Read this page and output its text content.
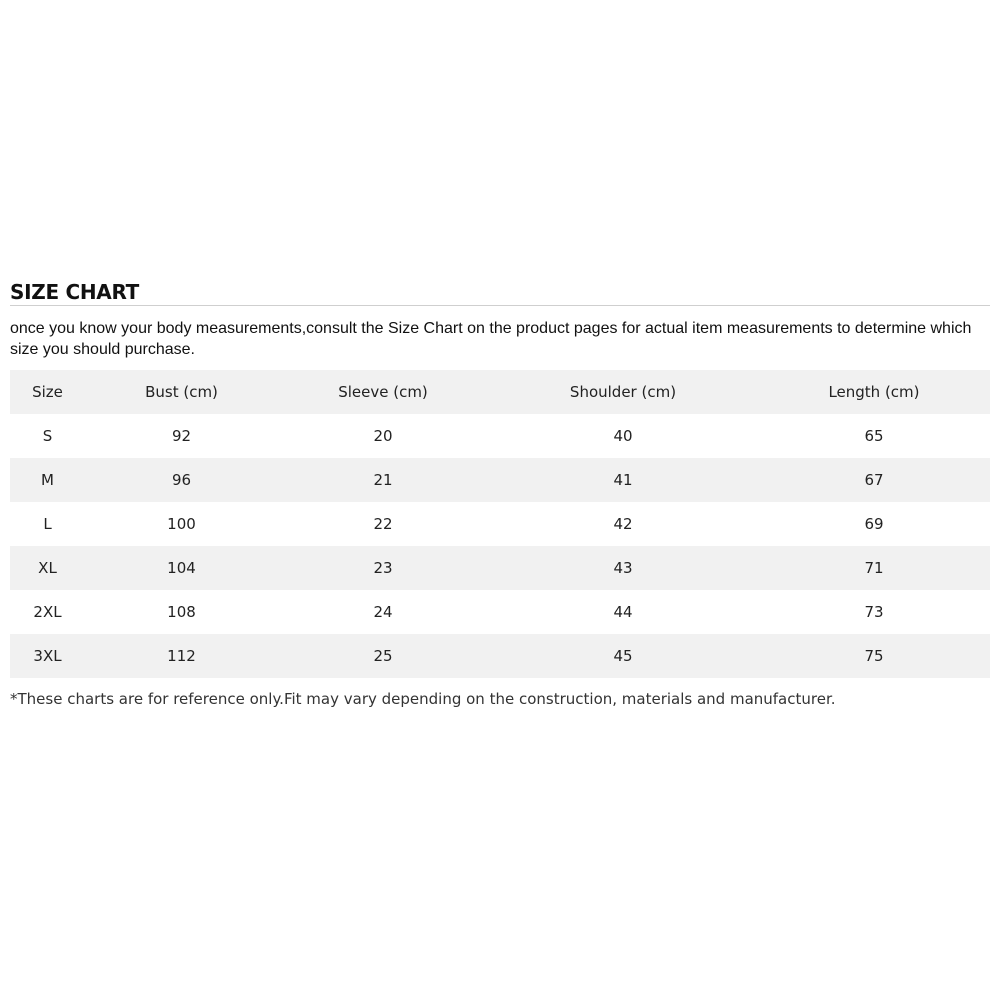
SIZE CHART

once you know your body measurements,consult the Size Chart on the product pages for actual item measurements to determine which size you should purchase.

Size	Bust (cm)	Sleeve (cm)	Shoulder (cm)	Length (cm)
S	92	20	40	65
M	96	21	41	67
L	100	22	42	69
XL	104	23	43	71
2XL	108	24	44	73
3XL	112	25	45	75

*These charts are for reference only.Fit may vary depending on the construction, materials and manufacturer.
